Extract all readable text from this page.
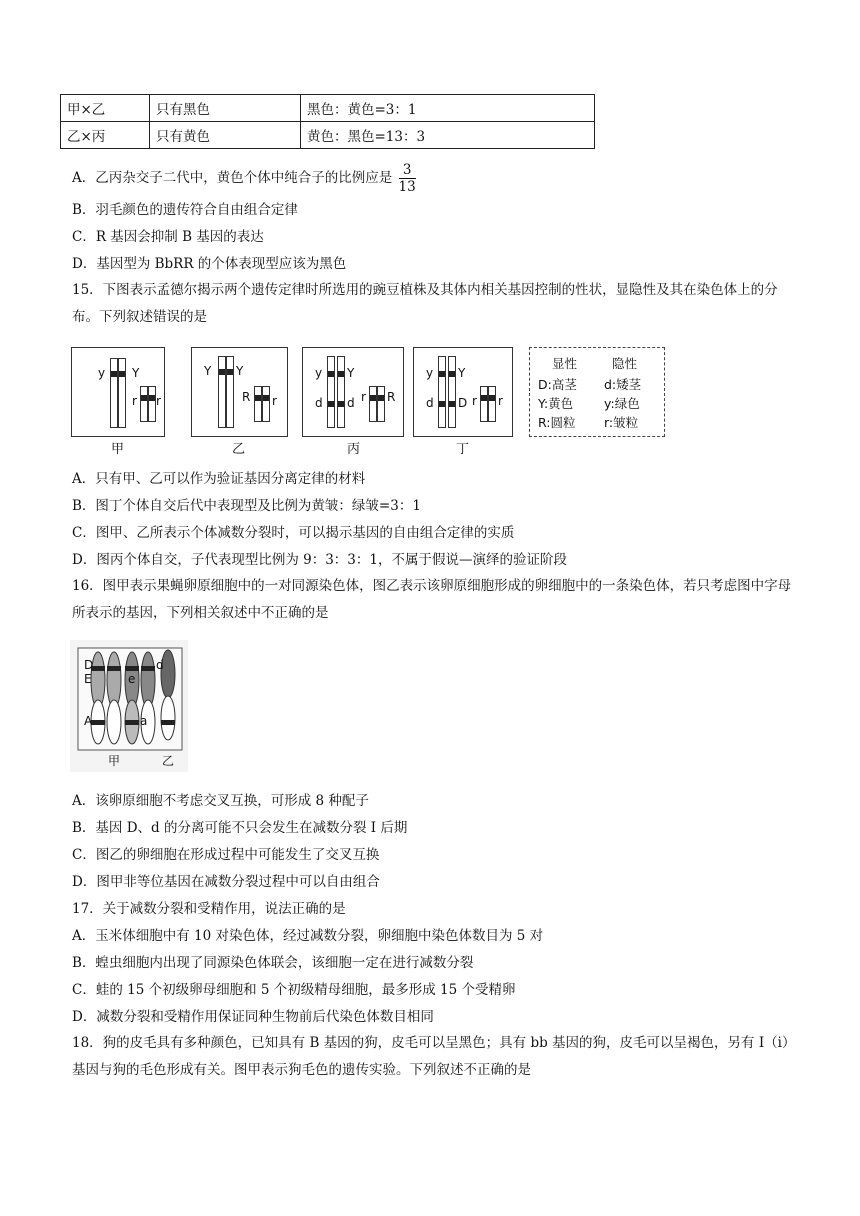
甲×乙	只有黑色	黑色：黄色=3：1
乙×丙	只有黄色	黄色：黑色=13：3
A．乙丙杂交子二代中，黄色个体中纯合子的比例应是 $\frac{3}{13}$
B．羽毛颜色的遗传符合自由组合定律
C．R 基因会抑制 B 基因的表达
D．基因型为 BbRR 的个体表现型应该为黑色
15．下图表示孟德尔揭示两个遗传定律时所选用的豌豆植株及其体内相关基因控制的性状，显隐性及其在染色体上的分布。下列叙述错误的是
y Y
r r
Y Y
R r
y Y
d d r R
y Y
d D r r
甲	乙	丙	丁
显性	隐性
D:高茎 d:矮茎
Y:黄色 y:绿色
R:圆粒 r:皱粒
A．只有甲、乙可以作为验证基因分离定律的材料
B．图丁个体自交后代中表现型及比例为黄皱：绿皱=3：1
C．图甲、乙所表示个体减数分裂时，可以揭示基因的自由组合定律的实质
D．图丙个体自交，子代表现型比例为 9：3：3：1，不属于假说—演绎的验证阶段
16．图甲表示果蝇卵原细胞中的一对同源染色体，图乙表示该卵原细胞形成的卵细胞中的一条染色体，若只考虑图中字母所表示的基因，下列相关叙述中不正确的是
D
E
d
e
A	a
甲	乙
A．该卵原细胞不考虑交叉互换，可形成 8 种配子
B．基因 D、d 的分离可能不只会发生在减数分裂 I 后期
C．图乙的卵细胞在形成过程中可能发生了交叉互换
D．图甲非等位基因在减数分裂过程中可以自由组合
17．关于减数分裂和受精作用，说法正确的是
A．玉米体细胞中有 10 对染色体，经过减数分裂，卵细胞中染色体数目为 5 对
B．蝗虫细胞内出现了同源染色体联会，该细胞一定在进行减数分裂
C．蛙的 15 个初级卵母细胞和 5 个初级精母细胞，最多形成 15 个受精卵
D．减数分裂和受精作用保证同种生物前后代染色体数目相同
18．狗的皮毛具有多种颜色，已知具有 B 基因的狗，皮毛可以呈黑色；具有 bb 基因的狗，皮毛可以呈褐色，另有 I（i）基因与狗的毛色形成有关。图甲表示狗毛色的遗传实验。下列叙述不正确的是
